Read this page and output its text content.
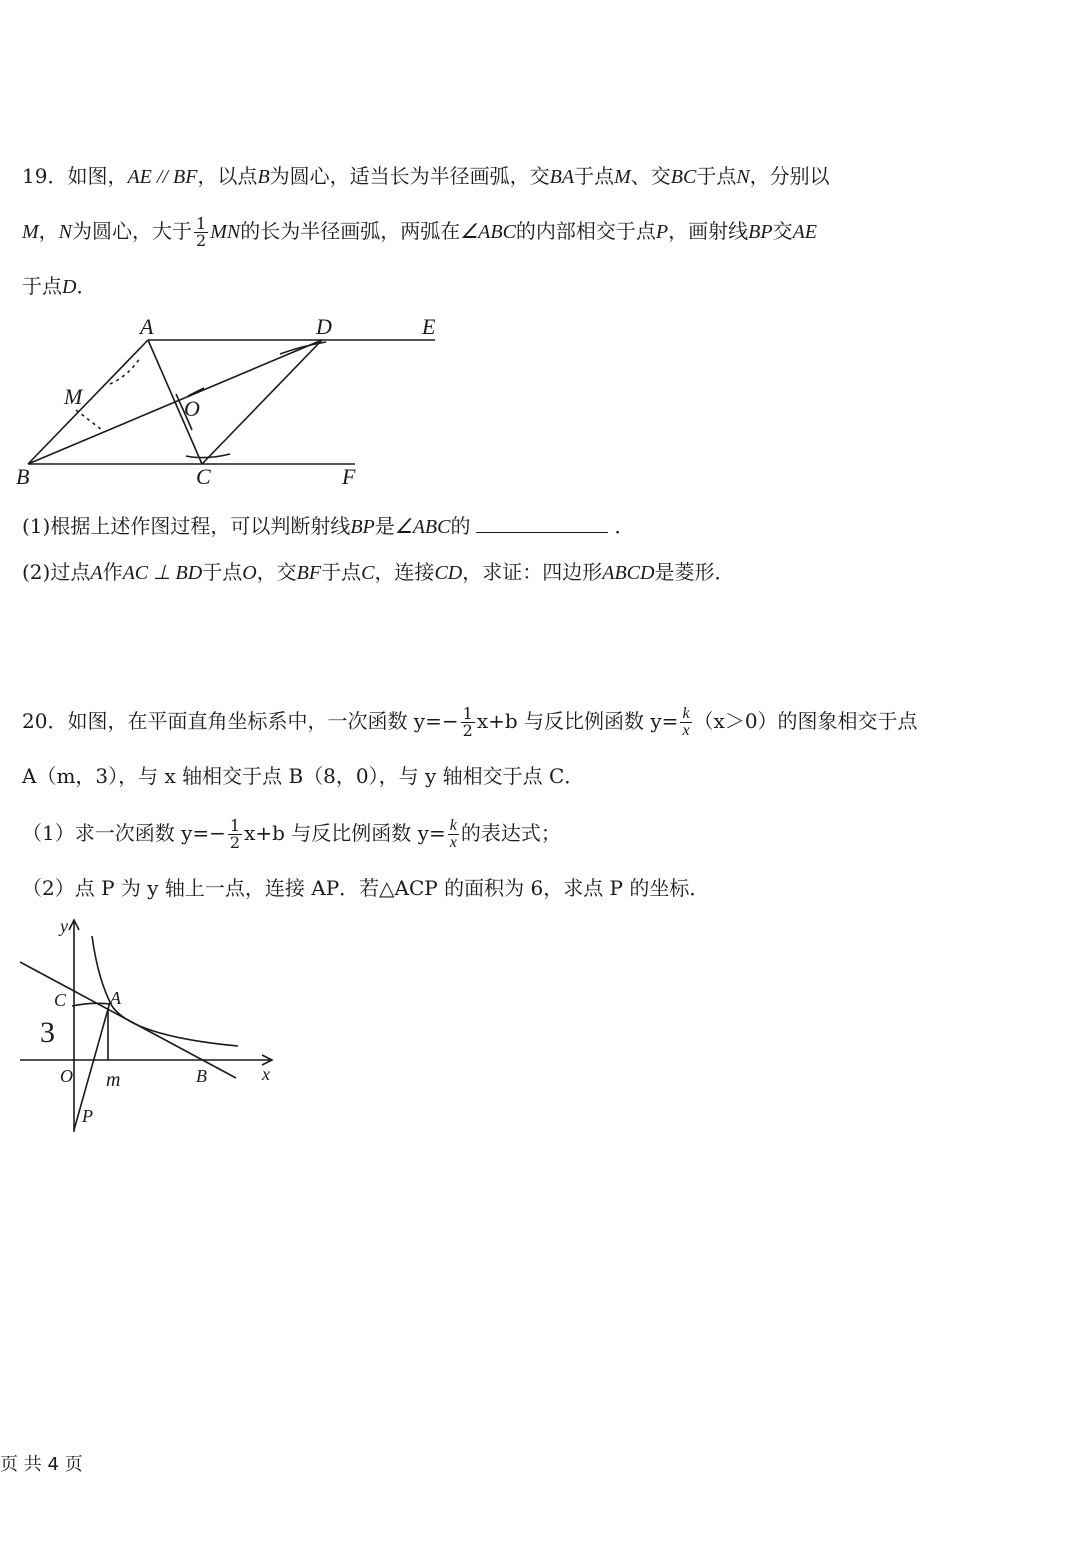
19．如图，AE // BF，以点B为圆心，适当长为半径画弧，交BA于点M、交BC于点N，分别以
M，N为圆心，大于 $\frac{1}{2}$ MN的长为半径画弧，两弧在∠ABC的内部相交于点P，画射线BP交AE
于点D．
A	D	E
M	O
B	C	F
(1)根据上述作图过程，可以判断射线BP是∠ABC的	．
(2)过点A作AC ⊥ BD于点O，交BF于点C，连接CD，求证：四边形ABCD是菱形．
20．如图，在平面直角坐标系中，一次函数 $y=- \frac{1}{2} x+b$ 与反比例函数 $y= \frac{k}{x} (x>0)$的图象相交于点
A（m，3），与 x 轴相交于点 B（8，0），与 y 轴相交于点 C．
（1）求一次函数 $y=- \frac{1}{2} x+b$ 与反比例函数 $y= \frac{k}{x}$ 的表达式；
（2）点 P 为 y 轴上一点，连接 AP．若△ACP 的面积为 6，求点 P 的坐标．
y
C A
3
O m	B	x
P
页 共 4 页
